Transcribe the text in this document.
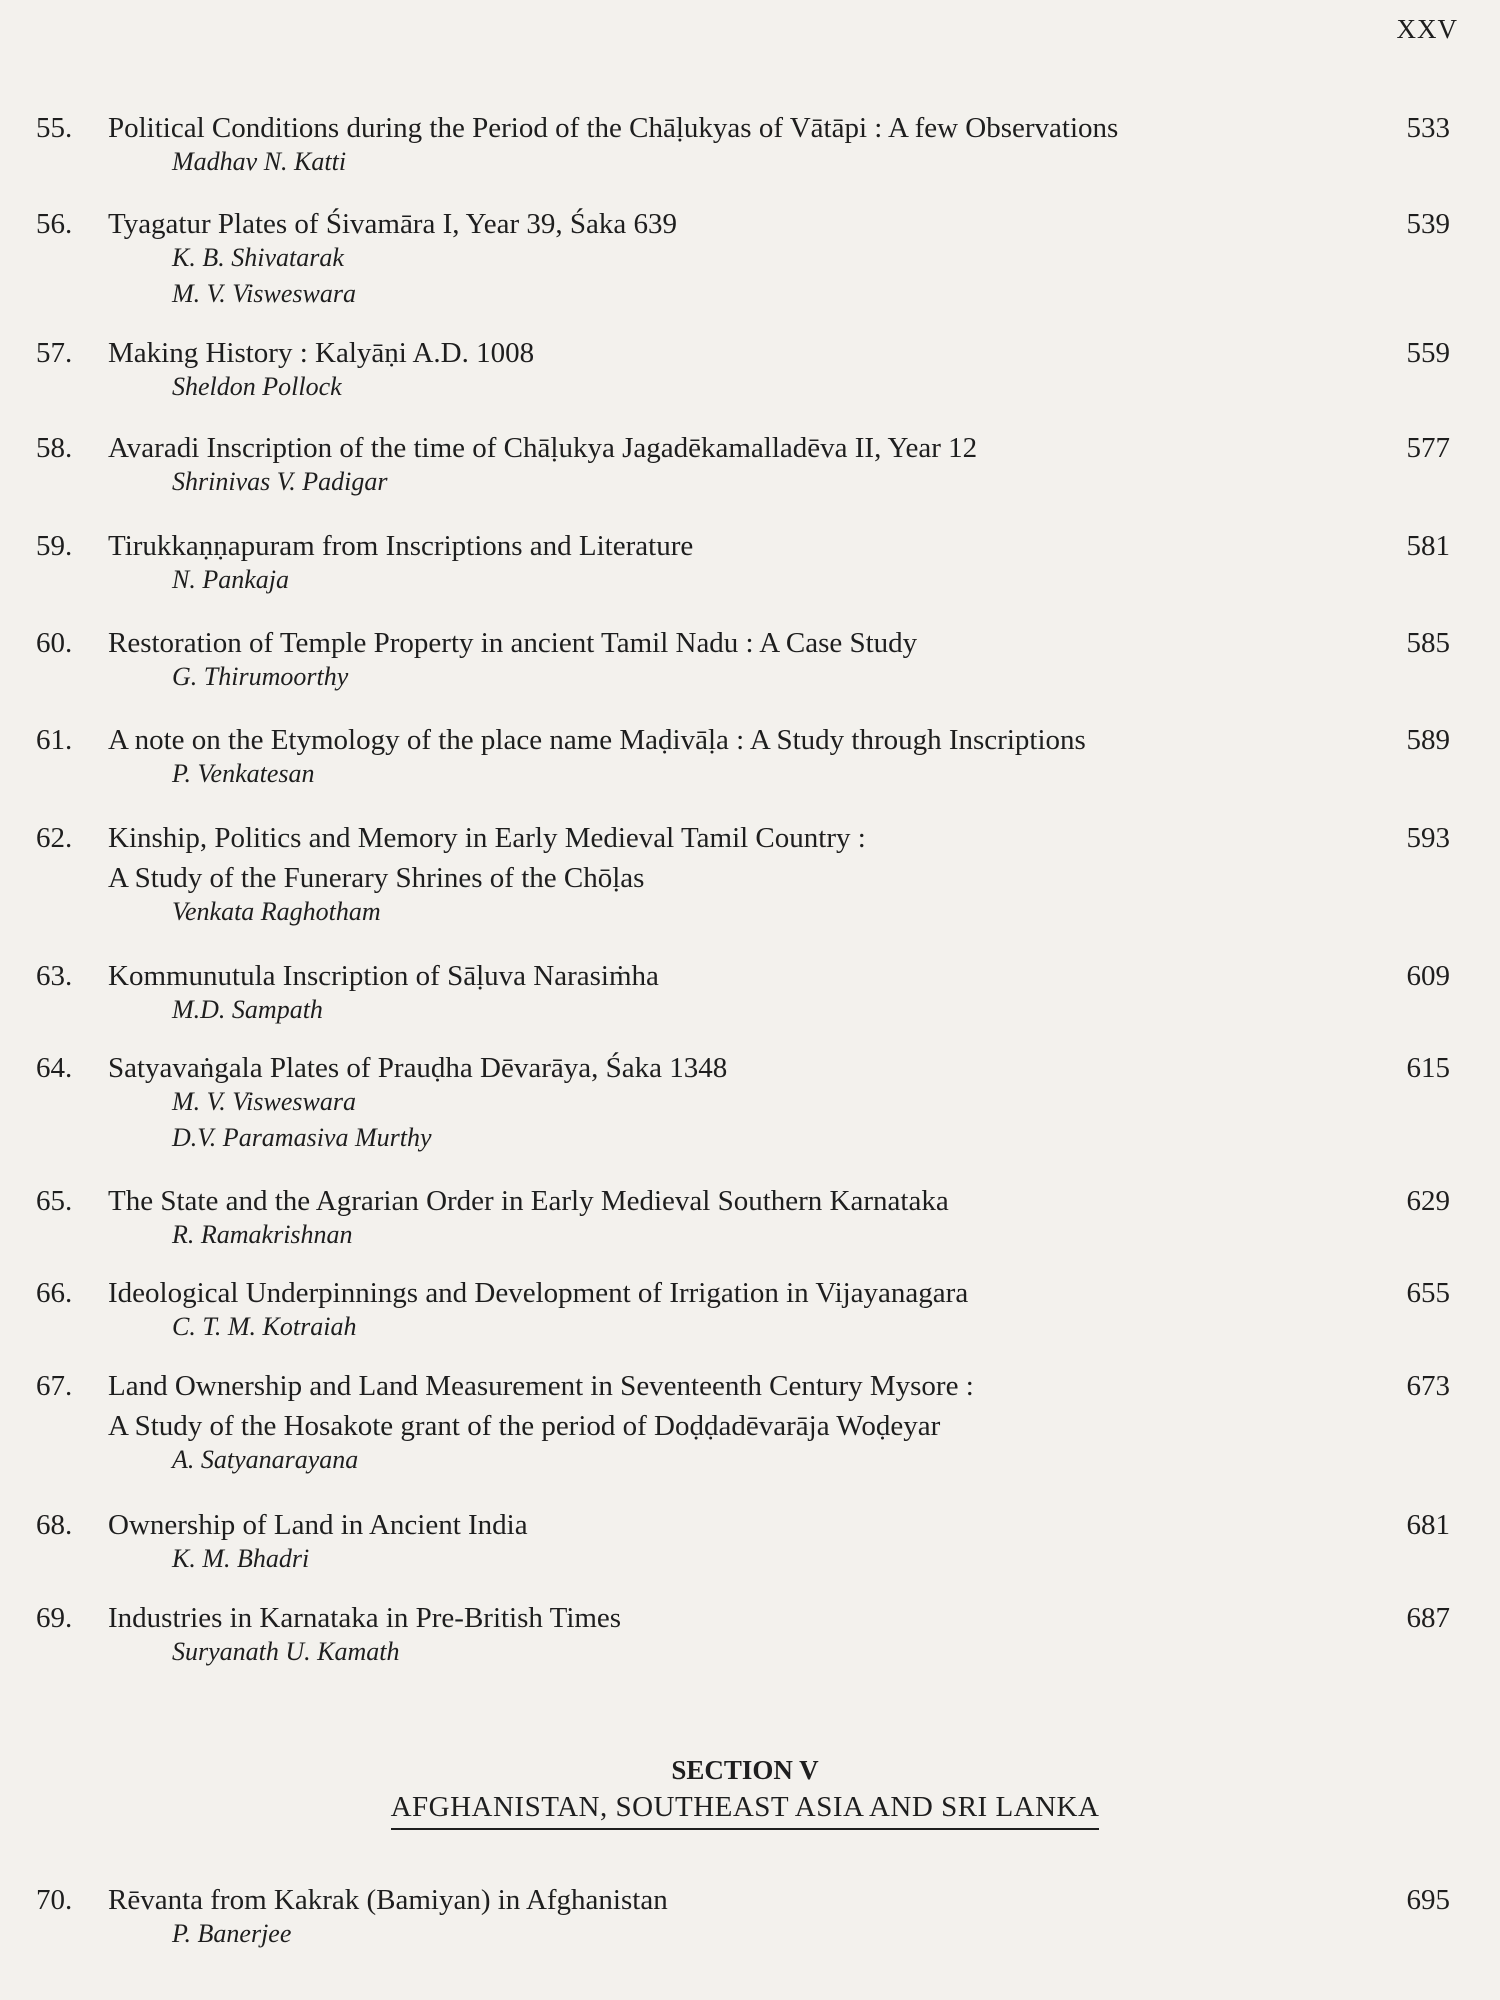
XXV
55. Political Conditions during the Period of the Chāḷukyas of Vātāpi : A few Observations	533
Madhav N. Katti
56. Tyagatur Plates of Śivamāra I, Year 39, Śaka 639	539
K. B. Shivatarak
M. V. Visweswara
57. Making History : Kalyāṇi A.D. 1008	559
Sheldon Pollock
58. Avaradi Inscription of the time of Chāḷukya Jagadēkamalladēva II, Year 12	577
Shrinivas V. Padigar
59. Tirukkaṇṇapuram from Inscriptions and Literature	581
N. Pankaja
60. Restoration of Temple Property in ancient Tamil Nadu : A Case Study	585
G. Thirumoorthy
61. A note on the Etymology of the place name Maḍivāḷa : A Study through Inscriptions	589
P. Venkatesan
62. Kinship, Politics and Memory in Early Medieval Tamil Country :
A Study of the Funerary Shrines of the Chōḷas
593
Venkata Raghotham
63. Kommunutula Inscription of Sāḷuva Narasiṁha	609
M.D. Sampath
64. Satyavaṅgala Plates of Prauḍha Dēvarāya, Śaka 1348	615
M. V. Visweswara
D.V. Paramasiva Murthy
65. The State and the Agrarian Order in Early Medieval Southern Karnataka	629
R. Ramakrishnan
66. Ideological Underpinnings and Development of Irrigation in Vijayanagara	655
C. T. M. Kotraiah
67. Land Ownership and Land Measurement in Seventeenth Century Mysore :
A Study of the Hosakote grant of the period of Doḍḍadēvarāja Woḍeyar
673
A. Satyanarayana
68. Ownership of Land in Ancient India	681
K. M. Bhadri
69. Industries in Karnataka in Pre-British Times	687
Suryanath U. Kamath
70. Rēvanta from Kakrak (Bamiyan) in Afghanistan	695
P. Banerjee
SECTION V
AFGHANISTAN, SOUTHEAST ASIA AND SRI LANKA
